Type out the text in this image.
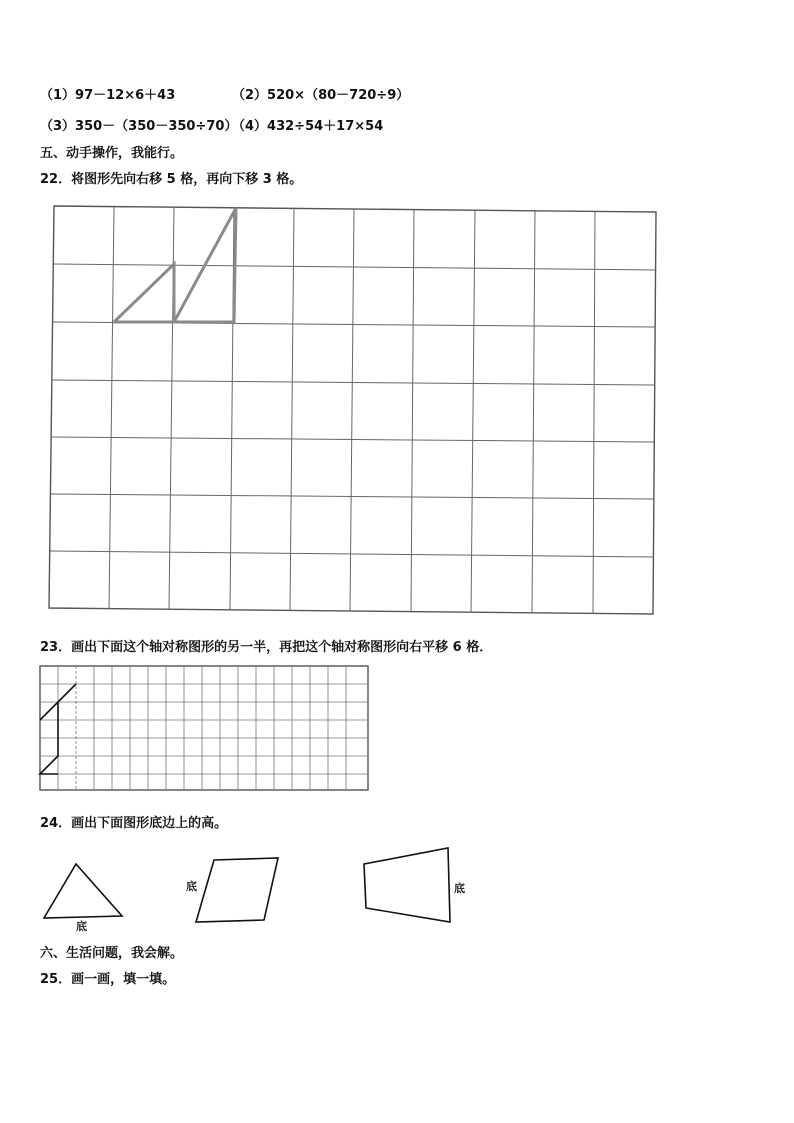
（1）97－12×6＋43	（2）520×（80－720÷9）
（3）350－（350－350÷70）
（4）432÷54＋17×54
五、动手操作，我能行。
22．将图形先向右移 5 格，再向下移 3 格。
23．画出下面这个轴对称图形的另一半，再把这个轴对称图形向右平移 6 格．
24．画出下面图形底边上的高。
底
底	底
六、生活问题，我会解。
25．画一画，填一填。
